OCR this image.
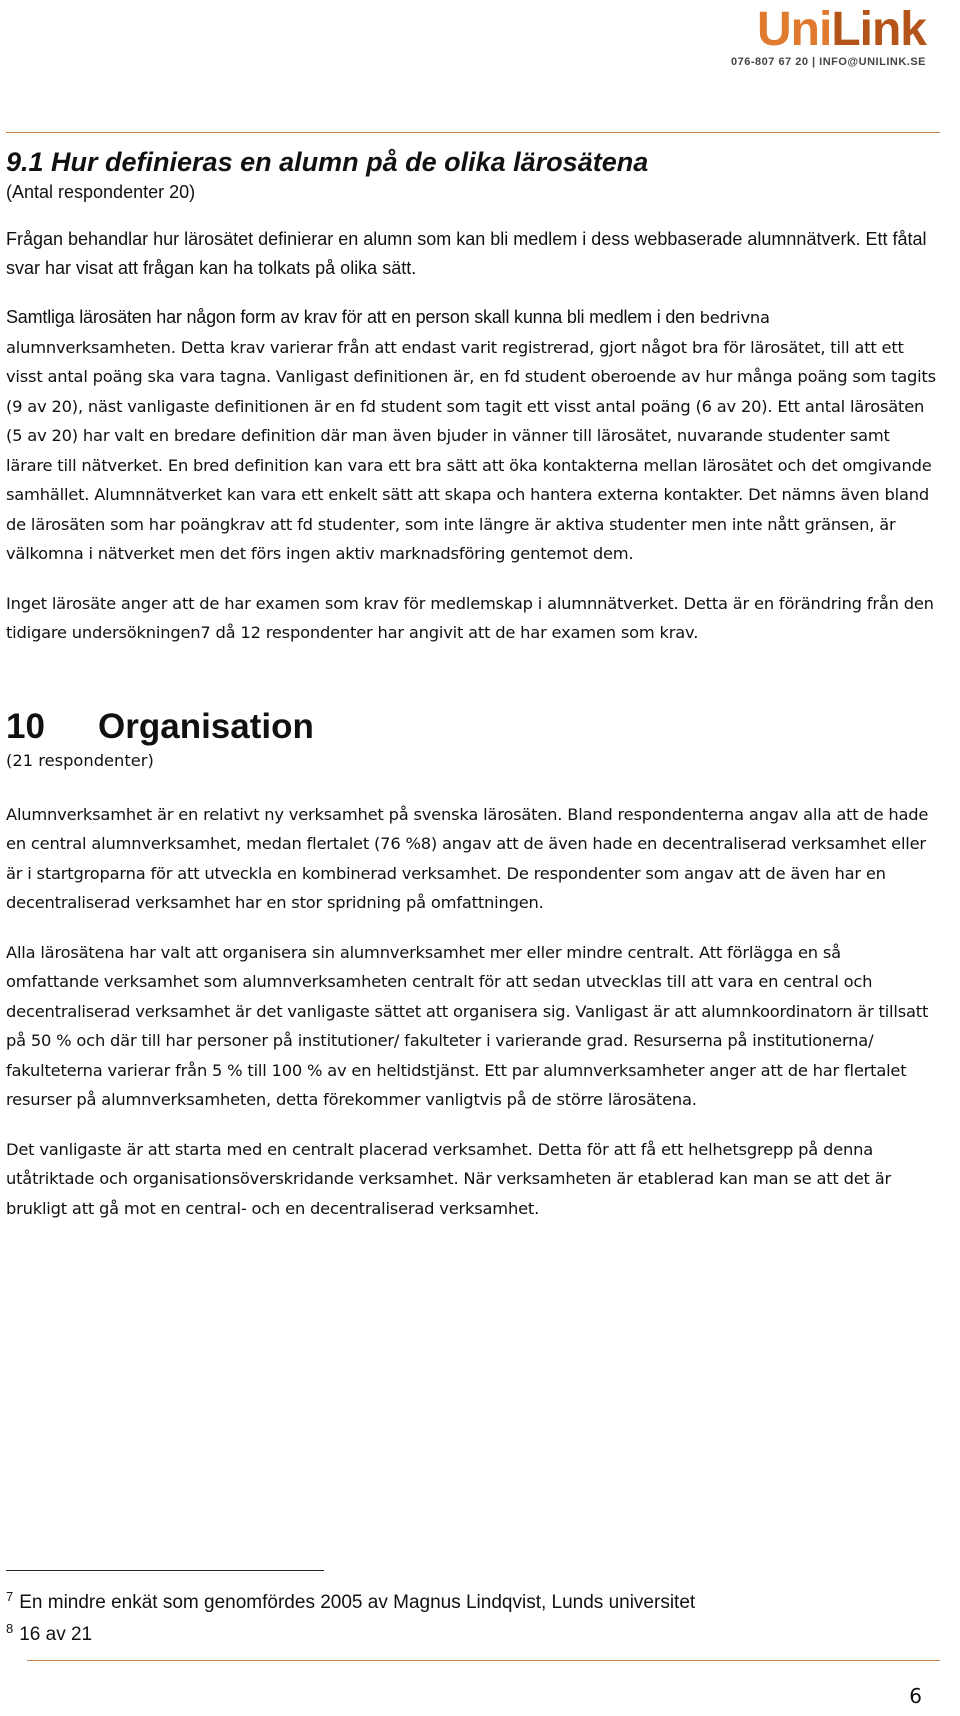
UniLink
076-807 67 20 | INFO@UNILINK.SE
9.1 Hur definieras en alumn på de olika lärosätena
(Antal respondenter 20)

Frågan behandlar hur lärosätet definierar en alumn som kan bli medlem i dess webbaserade alumnnätverk. Ett fåtal svar har visat att frågan kan ha tolkats på olika sätt.

Samtliga lärosäten har någon form av krav för att en person skall kunna bli medlem i den bedrivna alumnverksamheten. Detta krav varierar från att endast varit registrerad, gjort något bra för lärosätet, till att ett visst antal poäng ska vara tagna. Vanligast definitionen är, en fd student oberoende av hur många poäng som tagits (9 av 20), näst vanligaste definitionen är en fd student som tagit ett visst antal poäng (6 av 20). Ett antal lärosäten (5 av 20) har valt en bredare definition där man även bjuder in vänner till lärosätet, nuvarande studenter samt lärare till nätverket. En bred definition kan vara ett bra sätt att öka kontakterna mellan lärosätet och det omgivande samhället. Alumnnätverket kan vara ett enkelt sätt att skapa och hantera externa kontakter. Det nämns även bland de lärosäten som har poängkrav att fd studenter, som inte längre är aktiva studenter men inte nått gränsen, är välkomna i nätverket men det förs ingen aktiv marknadsföring gentemot dem.

Inget lärosäte anger att de har examen som krav för medlemskap i alumnnätverket. Detta är en förändring från den tidigare undersökningen7 då 12 respondenter har angivit att de har examen som krav.

10 Organisation
(21 respondenter)

Alumnverksamhet är en relativt ny verksamhet på svenska lärosäten. Bland respondenterna angav alla att de hade en central alumnverksamhet, medan flertalet (76 %8) angav att de även hade en decentraliserad verksamhet eller är i startgroparna för att utveckla en kombinerad verksamhet. De respondenter som angav att de även har en decentraliserad verksamhet har en stor spridning på omfattningen.

Alla lärosätena har valt att organisera sin alumnverksamhet mer eller mindre centralt. Att förlägga en så omfattande verksamhet som alumnverksamheten centralt för att sedan utvecklas till att vara en central och decentraliserad verksamhet är det vanligaste sättet att organisera sig. Vanligast är att alumnkoordinatorn är tillsatt på 50 % och där till har personer på institutioner/ fakulteter i varierande grad. Resurserna på institutionerna/ fakulteterna varierar från 5 % till 100 % av en heltidstjänst. Ett par alumnverksamheter anger att de har flertalet resurser på alumnverksamheten, detta förekommer vanligtvis på de större lärosätena.

Det vanligaste är att starta med en centralt placerad verksamhet. Detta för att få ett helhetsgrepp på denna utåtriktade och organisationsöverskridande verksamhet. När verksamheten är etablerad kan man se att det är brukligt att gå mot en central- och en decentraliserad verksamhet.

$^7$ En mindre enkät som genomfördes 2005 av Magnus Lindqvist, Lunds universitet
$^8$ 16 av 21
6
